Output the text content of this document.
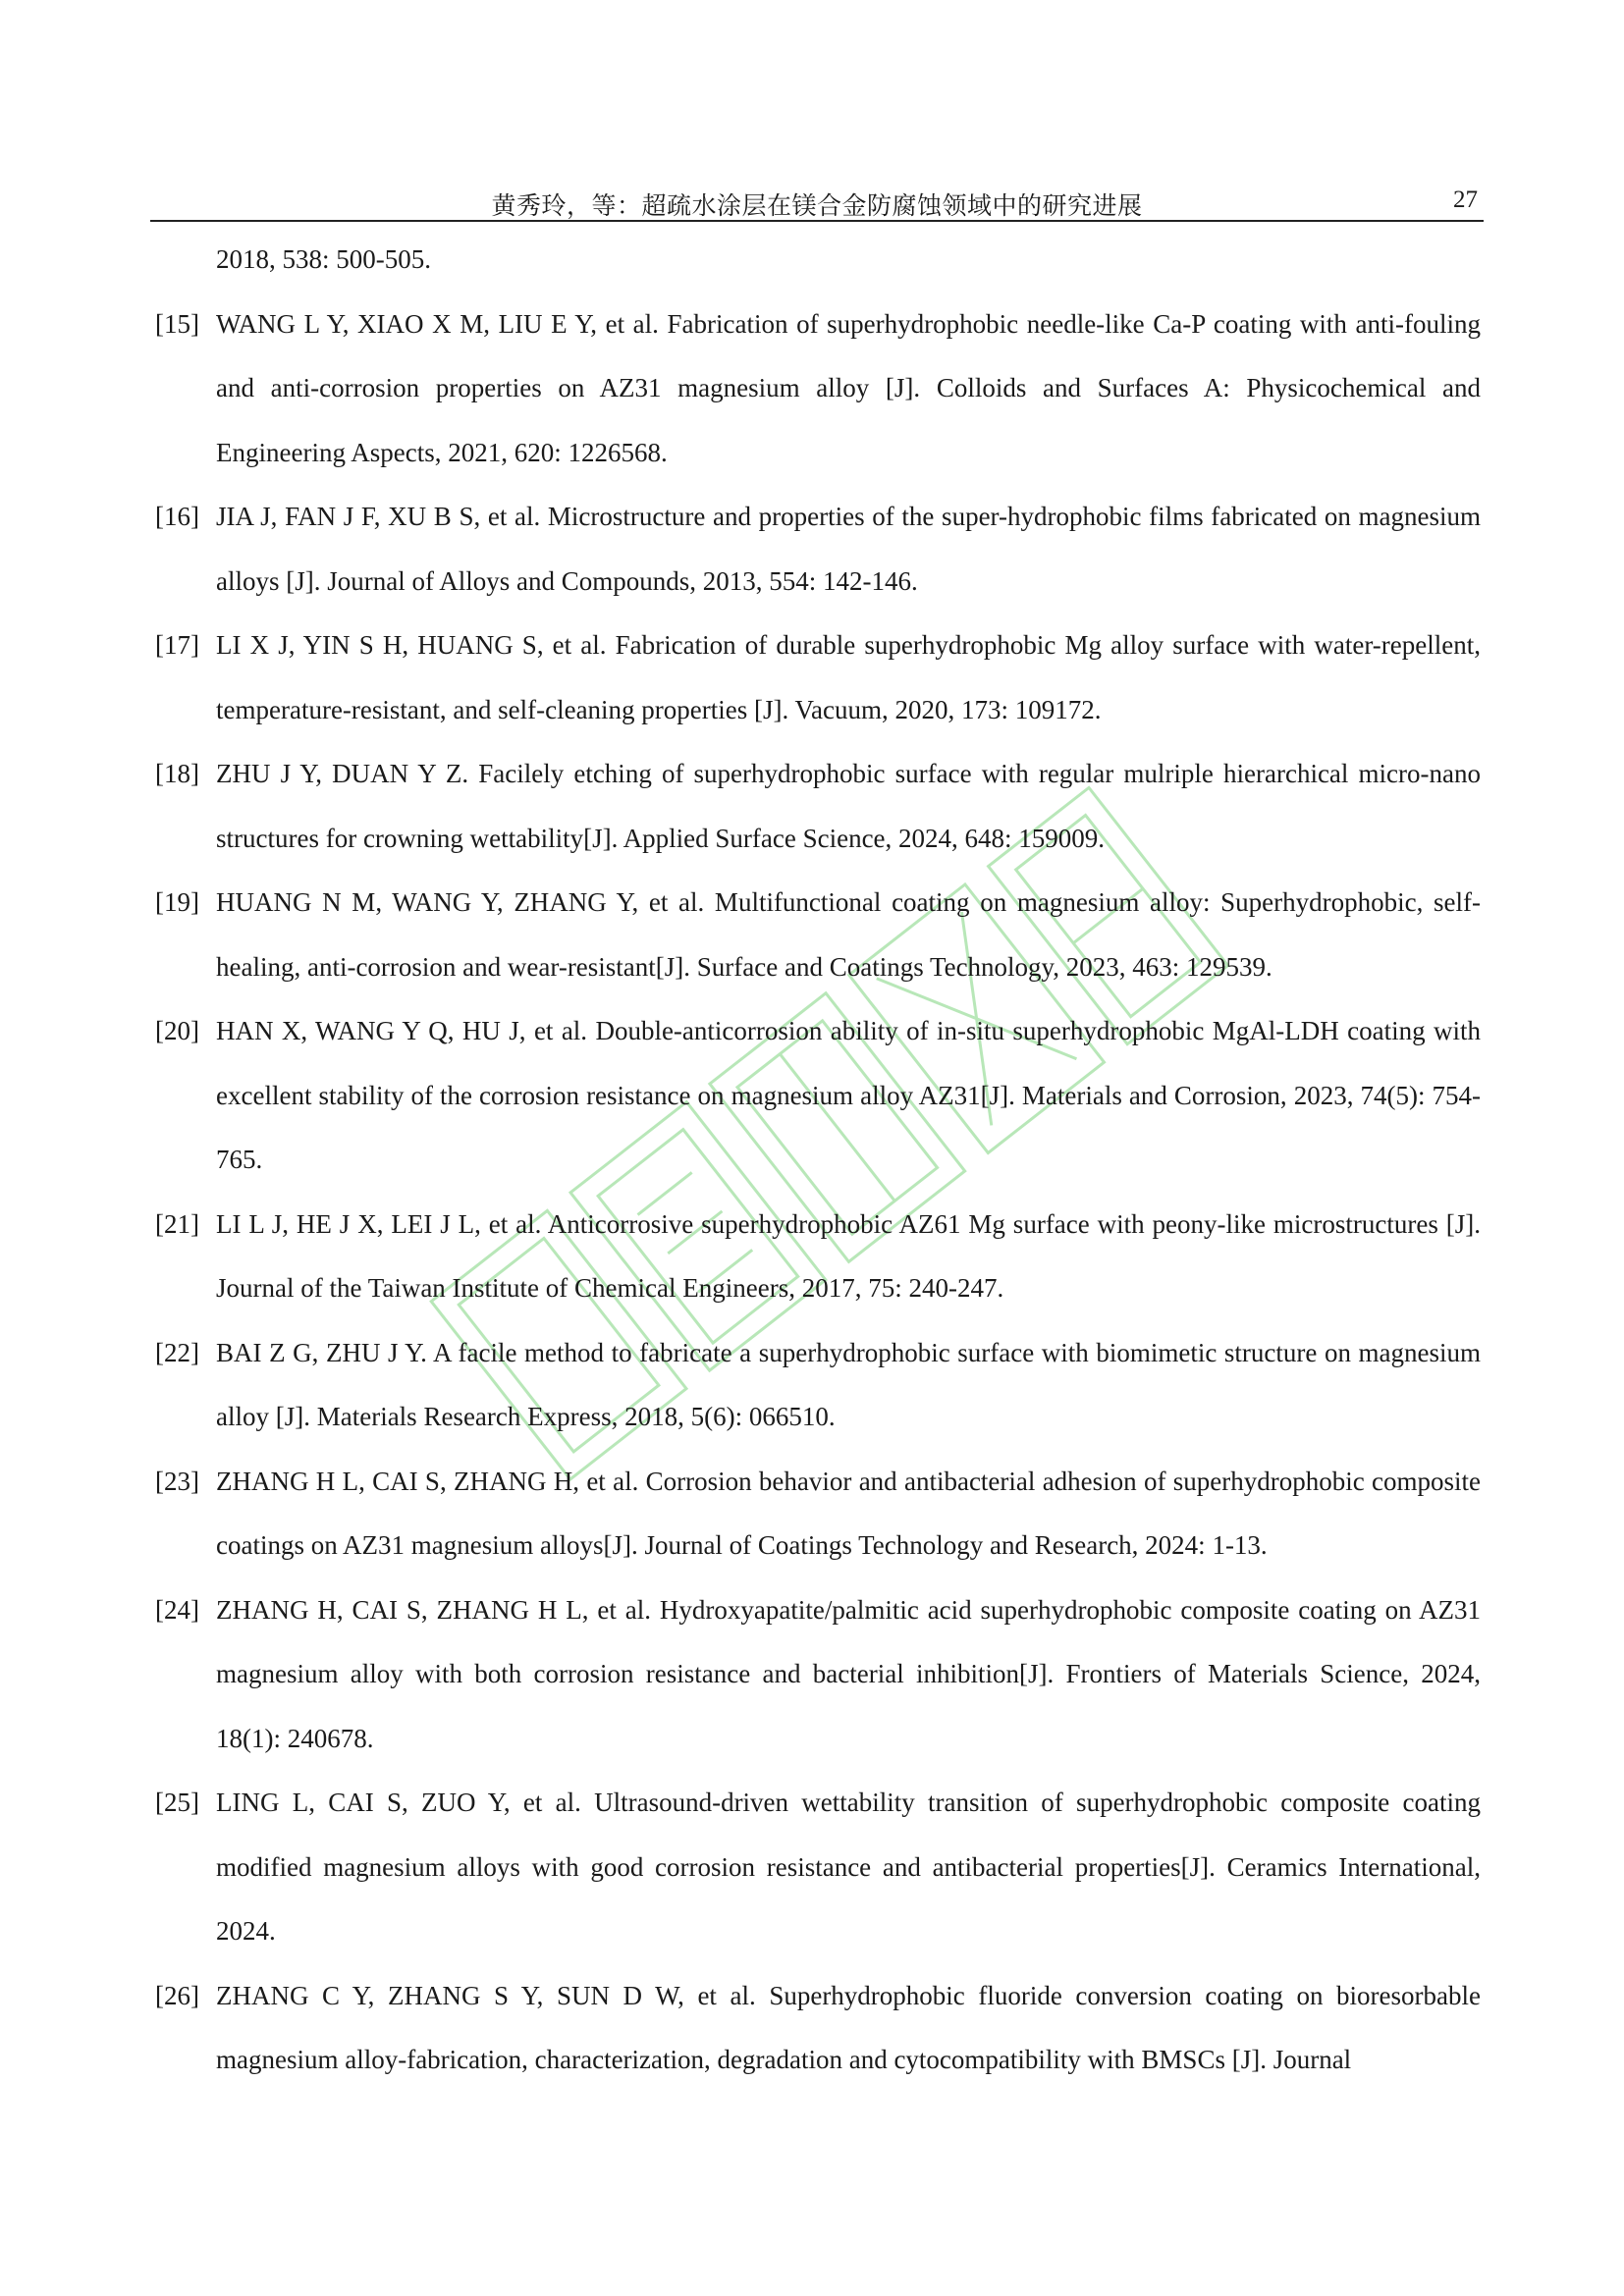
黄秀玲，等：超疏水涂层在镁合金防腐蚀领域中的研究进展	27
2018, 538: 500-505.
[15] WANG L Y, XIAO X M, LIU E Y, et al. Fabrication of superhydrophobic needle-like Ca-P coating with anti-fouling and anti-corrosion properties on AZ31 magnesium alloy [J]. Colloids and Surfaces A: Physicochemical and Engineering Aspects, 2021, 620: 1226568.
[16] JIA J, FAN J F, XU B S, et al. Microstructure and properties of the super-hydrophobic films fabricated on magnesium alloys [J]. Journal of Alloys and Compounds, 2013, 554: 142-146.
[17] LI X J, YIN S H, HUANG S, et al. Fabrication of durable superhydrophobic Mg alloy surface with water-repellent, temperature-resistant, and self-cleaning properties [J]. Vacuum, 2020, 173: 109172.
[18] ZHU J Y, DUAN Y Z. Facilely etching of superhydrophobic surface with regular mulriple hierarchical micro-nano structures for crowning wettability[J]. Applied Surface Science, 2024, 648: 159009.
[19] HUANG N M, WANG Y, ZHANG Y, et al. Multifunctional coating on magnesium alloy: Superhydrophobic, self-healing, anti-corrosion and wear-resistant[J]. Surface and Coatings Technology, 2023, 463: 129539.
[20] HAN X, WANG Y Q, HU J, et al. Double-anticorrosion ability of in-situ superhydrophobic MgAl-LDH coating with excellent stability of the corrosion resistance on magnesium alloy AZ31[J]. Materials and Corrosion, 2023, 74(5): 754-765.
[21] LI L J, HE J X, LEI J L, et al. Anticorrosive superhydrophobic AZ61 Mg surface with peony-like microstructures [J]. Journal of the Taiwan Institute of Chemical Engineers, 2017, 75: 240-247.
[22] BAI Z G, ZHU J Y. A facile method to fabricate a superhydrophobic surface with biomimetic structure on magnesium alloy [J]. Materials Research Express, 2018, 5(6): 066510.
[23] ZHANG H L, CAI S, ZHANG H, et al. Corrosion behavior and antibacterial adhesion of superhydrophobic composite coatings on AZ31 magnesium alloys[J]. Journal of Coatings Technology and Research, 2024: 1-13.
[24] ZHANG H, CAI S, ZHANG H L, et al. Hydroxyapatite/palmitic acid superhydrophobic composite coating on AZ31 magnesium alloy with both corrosion resistance and bacterial inhibition[J]. Frontiers of Materials Science, 2024, 18(1): 240678.
[25] LING L, CAI S, ZUO Y, et al. Ultrasound-driven wettability transition of superhydrophobic composite coating modified magnesium alloys with good corrosion resistance and antibacterial properties[J]. Ceramics International, 2024.
[26] ZHANG C Y, ZHANG S Y, SUN D W, et al. Superhydrophobic fluoride conversion coating on bioresorbable magnesium alloy-fabrication, characterization, degradation and cytocompatibility with BMSCs [J]. Journal
